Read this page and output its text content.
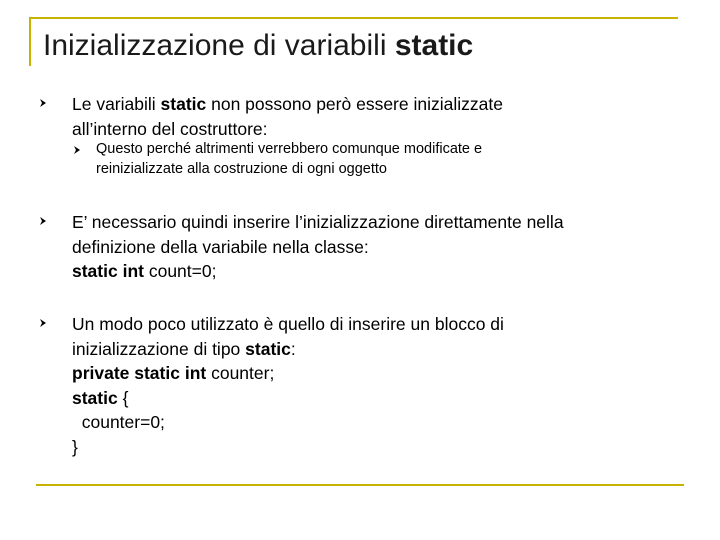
Inizializzazione di variabili static
Le variabili static non possono però essere inizializzate
all’interno del costruttore:
Questo perché altrimenti verrebbero comunque modificate e
reinizializzate alla costruzione di ogni oggetto
E’ necessario quindi inserire l’inizializzazione direttamente nella
definizione della variabile nella classe:
static int count=0;
Un modo poco utilizzato è quello di inserire un blocco di
inizializzazione di tipo static:
private static int counter;
static {
counter=0;
}
